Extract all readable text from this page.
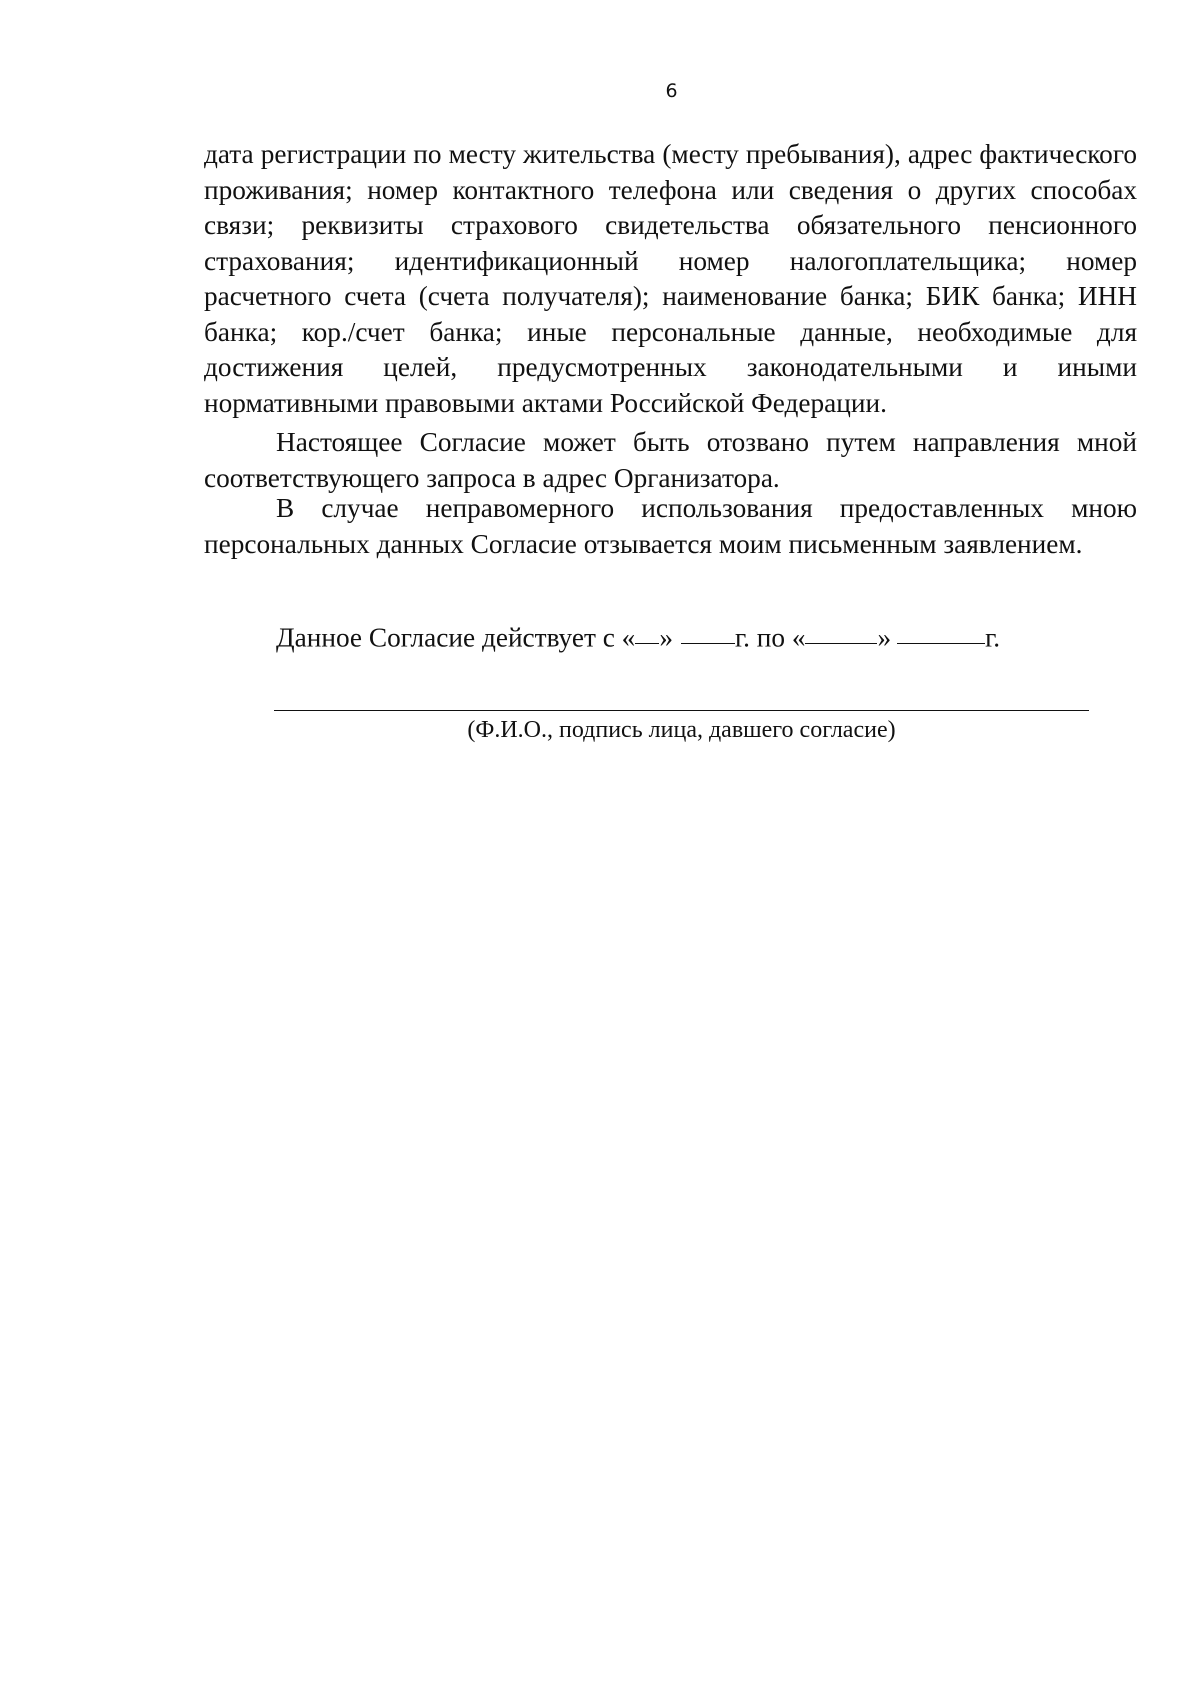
6

дата регистрации по месту жительства (месту пребывания), адрес фактического проживания; номер контактного телефона или сведения о других способах связи; реквизиты страхового свидетельства обязательного пенсионного страхования; идентификационный номер налогоплательщика; номер расчетного счета (счета получателя); наименование банка; БИК банка; ИНН банка; кор./счет банка; иные персональные данные, необходимые для достижения целей, предусмотренных законодательными и иными нормативными правовыми актами Российской Федерации.

Настоящее Согласие может быть отозвано путем направления мной соответствующего запроса в адрес Организатора.

В случае неправомерного использования предоставленных мною персональных данных Согласие отзывается моим письменным заявлением.

Данное Согласие действует с « » г. по «	»	г.
(Ф.И.О., подпись лица, давшего согласие)
